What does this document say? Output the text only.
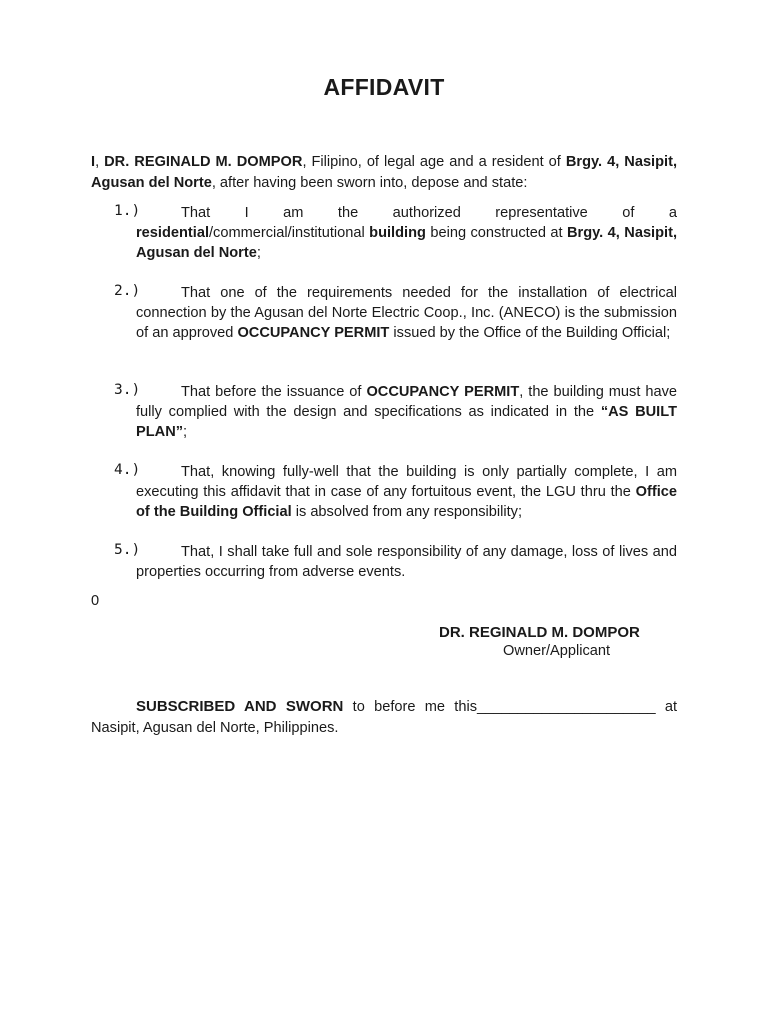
AFFIDAVIT
I, DR. REGINALD M. DOMPOR, Filipino, of legal age and a resident of Brgy. 4, Nasipit, Agusan del Norte, after having been sworn into, depose and state:
1.)	That I am the authorized representative of a residential/commercial/institutional building being constructed at Brgy. 4, Nasipit, Agusan del Norte;
2.)	That one of the requirements needed for the installation of electrical connection by the Agusan del Norte Electric Coop., Inc. (ANECO) is the submission of an approved OCCUPANCY PERMIT issued by the Office of the Building Official;
3.)	That before the issuance of OCCUPANCY PERMIT, the building must have fully complied with the design and specifications as indicated in the “AS BUILT PLAN”;
4.)	That, knowing fully-well that the building is only partially complete, I am executing this affidavit that in case of any fortuitous event, the LGU thru the Office of the Building Official is absolved from any responsibility;
5.)	That, I shall take full and sole responsibility of any damage, loss of lives and properties occurring from adverse events.
0
DR. REGINALD M. DOMPOR
Owner/Applicant
SUBSCRIBED AND SWORN to before me this______________________ at Nasipit, Agusan del Norte, Philippines.
